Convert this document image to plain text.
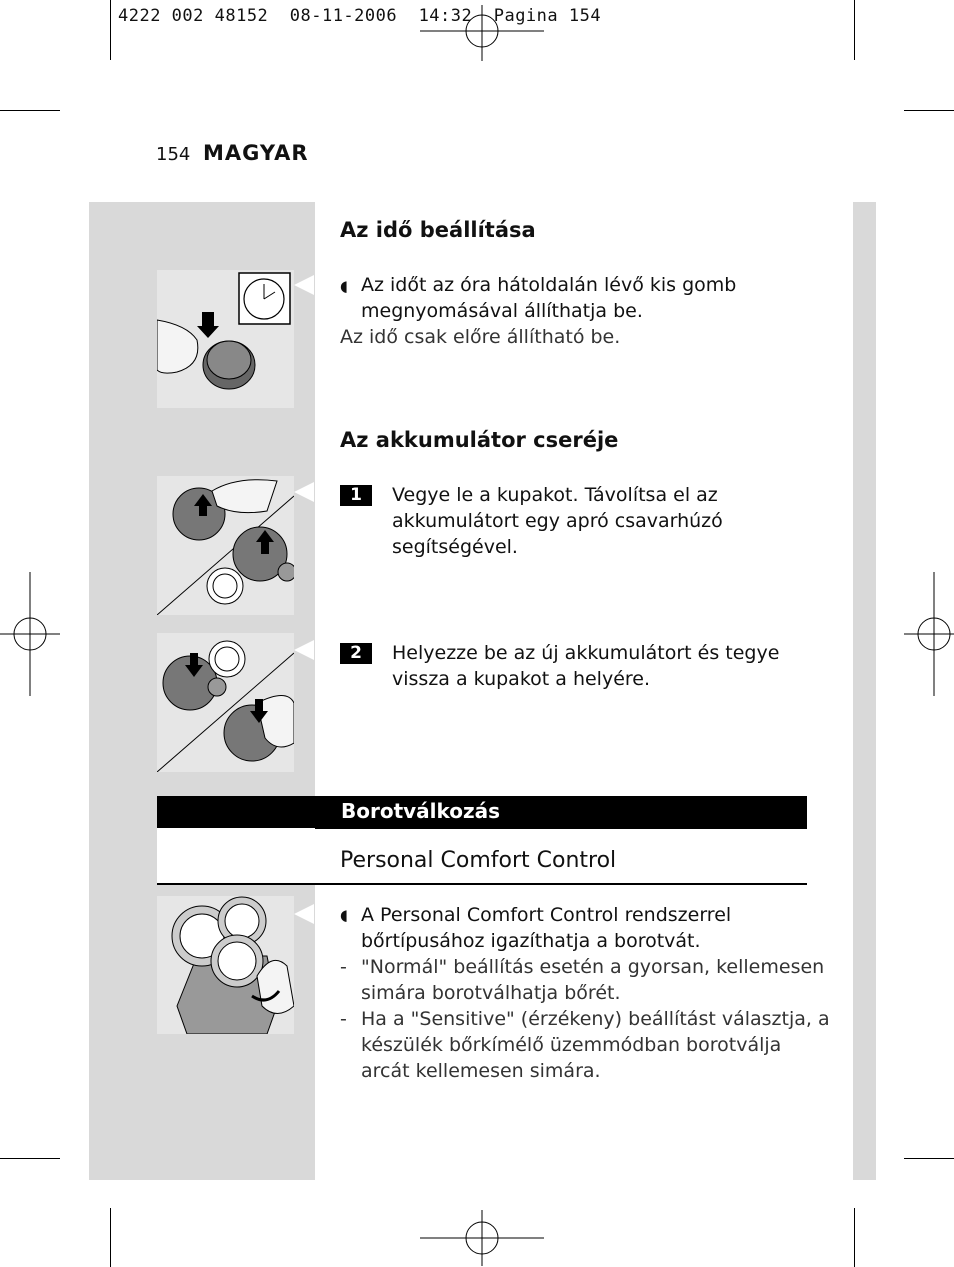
4222 002 48152  08-11-2006  14:32  Pagina 154
154 MAGYAR
Az idő beállítása
◖ Az időt az óra hátoldalán lévő kis gomb
megnyomásával állíthatja be.
Az idő csak előre állítható be.
Az akkumulátor cseréje
1	Vegye le a kupakot. Távolítsa el az
akkumulátort egy apró csavarhúzó
segítségével.
2	Helyezze be az új akkumulátort és tegye
vissza a kupakot a helyére.
Borotválkozás
Personal Comfort Control
◖ A Personal Comfort Control rendszerrel
bőrtípusához igazíthatja a borotvát.
- "Normál" beállítás esetén a gyorsan, kellemesen
simára borotválhatja bőrét.
- Ha a "Sensitive" (érzékeny) beállítást választja, a
készülék bőrkímélő üzemmódban borotválja
arcát kellemesen simára.
